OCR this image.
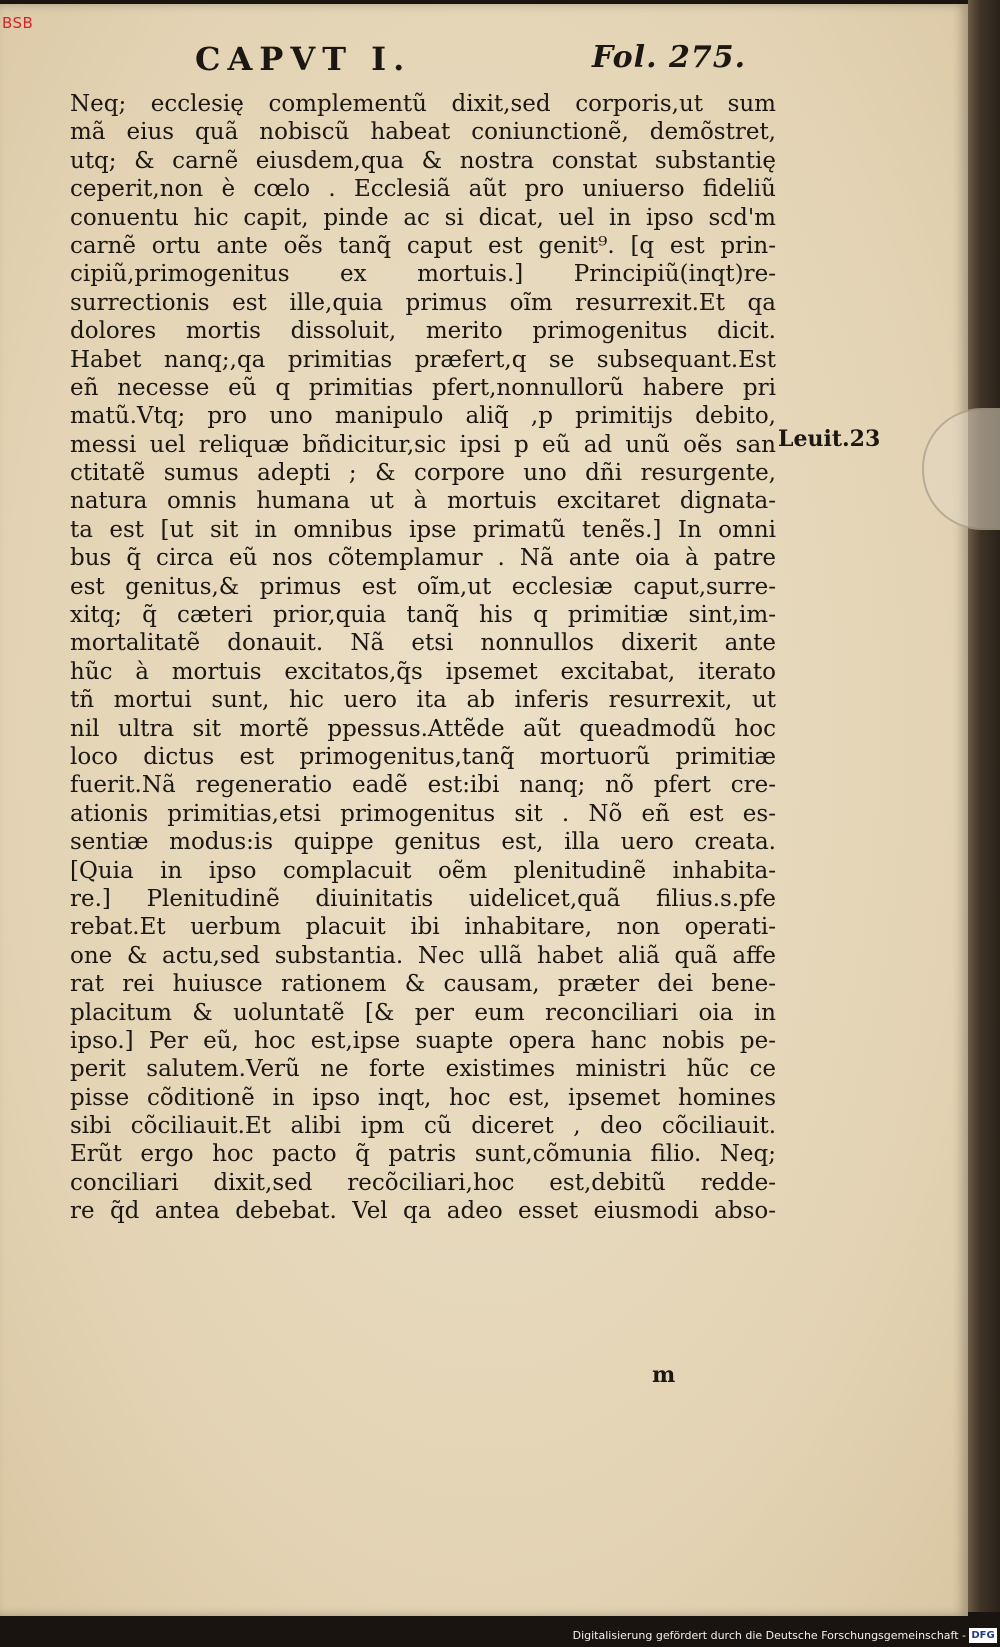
CAPVT I.	Fol. 275.
Neq; ecclesię complementũ dixit,sed corporis,ut sum
mã eius quã nobiscũ habeat coniunctionẽ, demõstret,
utq; & carnẽ eiusdem,qua & nostra constat substantię
ceperit,non è cœlo . Ecclesiã aũt pro uniuerso fideliũ
conuentu hic capit, pinde ac si dicat, uel in ipso scd'm
carnẽ ortu ante oẽs tanq̃ caput est genit⁹. [q est prin-
cipiũ,primogenitus ex mortuis.] Principiũ(inqt)re-
surrectionis est ille,quia primus oĩm resurrexit.Et qa
dolores mortis dissoluit, merito primogenitus dicit.
Habet nanq;,qa primitias præfert,q se subsequant.Est
eñ necesse eũ q primitias pfert,nonnullorũ habere pri
matũ.Vtq; pro uno manipulo aliq̃ ,p primitijs debito,
messi uel reliquæ bñdicitur,sic ipsi p eũ ad unũ oẽs san
ctitatẽ sumus adepti ; & corpore uno dñi resurgente,
natura omnis humana ut à mortuis excitaret dignata-
ta est [ut sit in omnibus ipse primatũ tenẽs.] In omni
bus q̃ circa eũ nos cõtemplamur . Nã ante oia à patre
est genitus,& primus est oĩm,ut ecclesiæ caput,surre-
xitq; q̃ cæteri prior,quia tanq̃ his q primitiæ sint,im-
mortalitatẽ donauit. Nã etsi nonnullos dixerit ante
hũc à mortuis excitatos,q̃s ipsemet excitabat, iterato
tñ mortui sunt, hic uero ita ab inferis resurrexit, ut
nil ultra sit mortẽ ppessus.Attẽde aũt queadmodũ hoc
loco dictus est primogenitus,tanq̃ mortuorũ primitiæ
fuerit.Nã regeneratio eadẽ est:ibi nanq; nõ pfert cre-
ationis primitias,etsi primogenitus sit . Nõ eñ est es-
sentiæ modus:is quippe genitus est, illa uero creata.
[Quia in ipso complacuit oẽm plenitudinẽ inhabita-
re.] Plenitudinẽ diuinitatis uidelicet,quã filius.s.pfe
rebat.Et uerbum placuit ibi inhabitare, non operati-
one & actu,sed substantia. Nec ullã habet aliã quã affe
rat rei huiusce rationem & causam, præter dei bene-
placitum & uoluntatẽ [& per eum reconciliari oia in
ipso.] Per eũ, hoc est,ipse suapte opera hanc nobis pe-
perit salutem.Verũ ne forte existimes ministri hũc ce
pisse cõditionẽ in ipso inqt, hoc est, ipsemet homines
sibi cõciliauit.Et alibi ipm cũ diceret , deo cõciliauit.
Erũt ergo hoc pacto q̃ patris sunt,cõmunia filio. Neq;
conciliari dixit,sed recõciliari,hoc est,debitũ redde-
re q̃d antea debebat. Vel qa adeo esset eiusmodi abso-
Leuit.23
m
BSB
Digitalisierung gefördert durch die Deutsche Forschungsgemeinschaft - DFG
